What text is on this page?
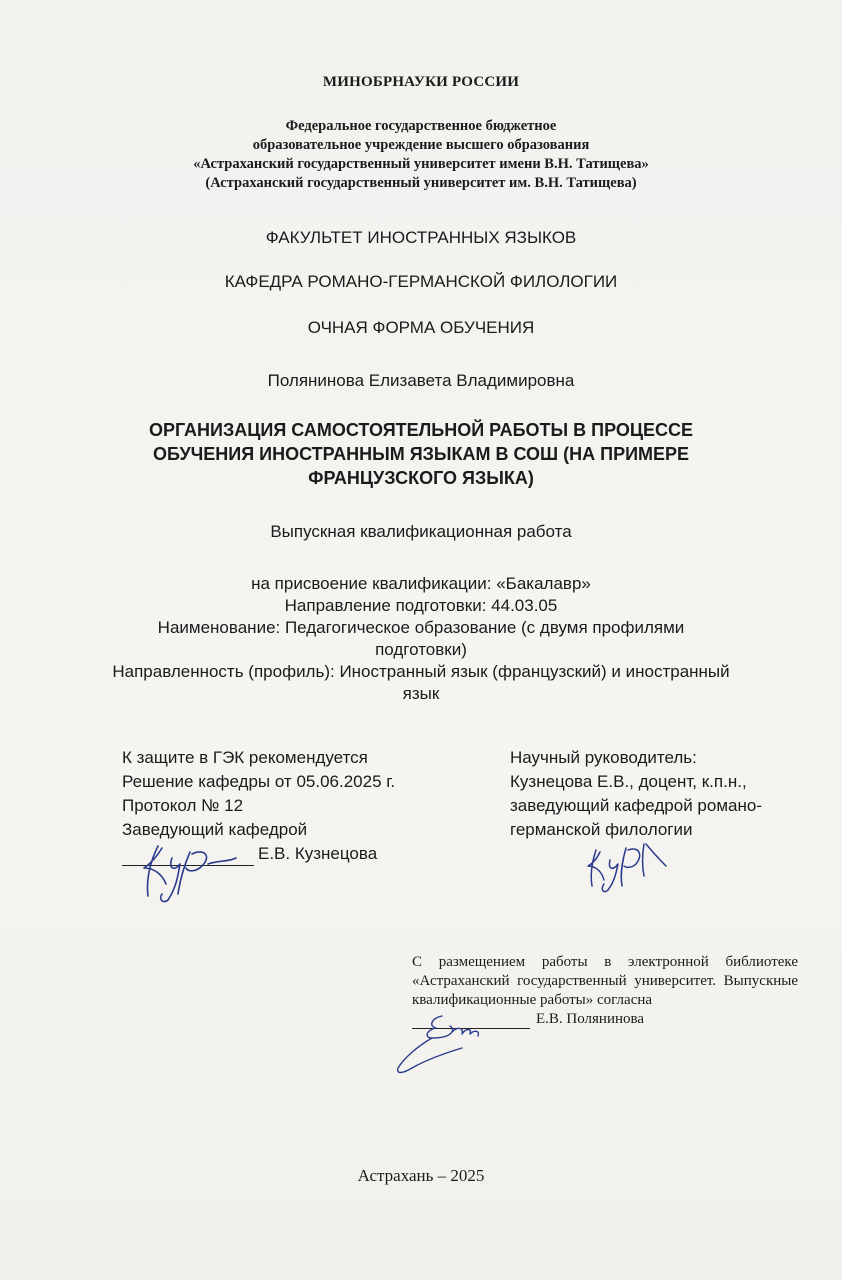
МИНОБРНАУКИ РОССИИ
Федеральное государственное бюджетное
образовательное учреждение высшего образования
«Астраханский государственный университет имени В.Н. Татищева»
(Астраханский государственный университет им. В.Н. Татищева)
ФАКУЛЬТЕТ ИНОСТРАННЫХ ЯЗЫКОВ
КАФЕДРА РОМАНО-ГЕРМАНСКОЙ ФИЛОЛОГИИ
ОЧНАЯ ФОРМА ОБУЧЕНИЯ
Полянинова Елизавета Владимировна
ОРГАНИЗАЦИЯ САМОСТОЯТЕЛЬНОЙ РАБОТЫ В ПРОЦЕССЕ
ОБУЧЕНИЯ ИНОСТРАННЫМ ЯЗЫКАМ В СОШ (НА ПРИМЕРЕ
ФРАНЦУЗСКОГО ЯЗЫКА)
Выпускная квалификационная работа
на присвоение квалификации: «Бакалавр»
Направление подготовки: 44.03.05
Наименование: Педагогическое образование (с двумя профилями
подготовки)
Направленность (профиль): Иностранный язык (французский) и иностранный
язык
К защите в ГЭК рекомендуется
Решение кафедры от 05.06.2025 г.
Протокол № 12
Заведующий кафедрой
Е.В. Кузнецова
Научный руководитель:
Кузнецова Е.В., доцент, к.п.н.,
заведующий кафедрой романо-
германской филологии
С размещением работы в электронной библиотеке «Астраханский государственный университет. Выпускные квалификационные работы» согласна
Е.В. Полянинова
Астрахань – 2025
